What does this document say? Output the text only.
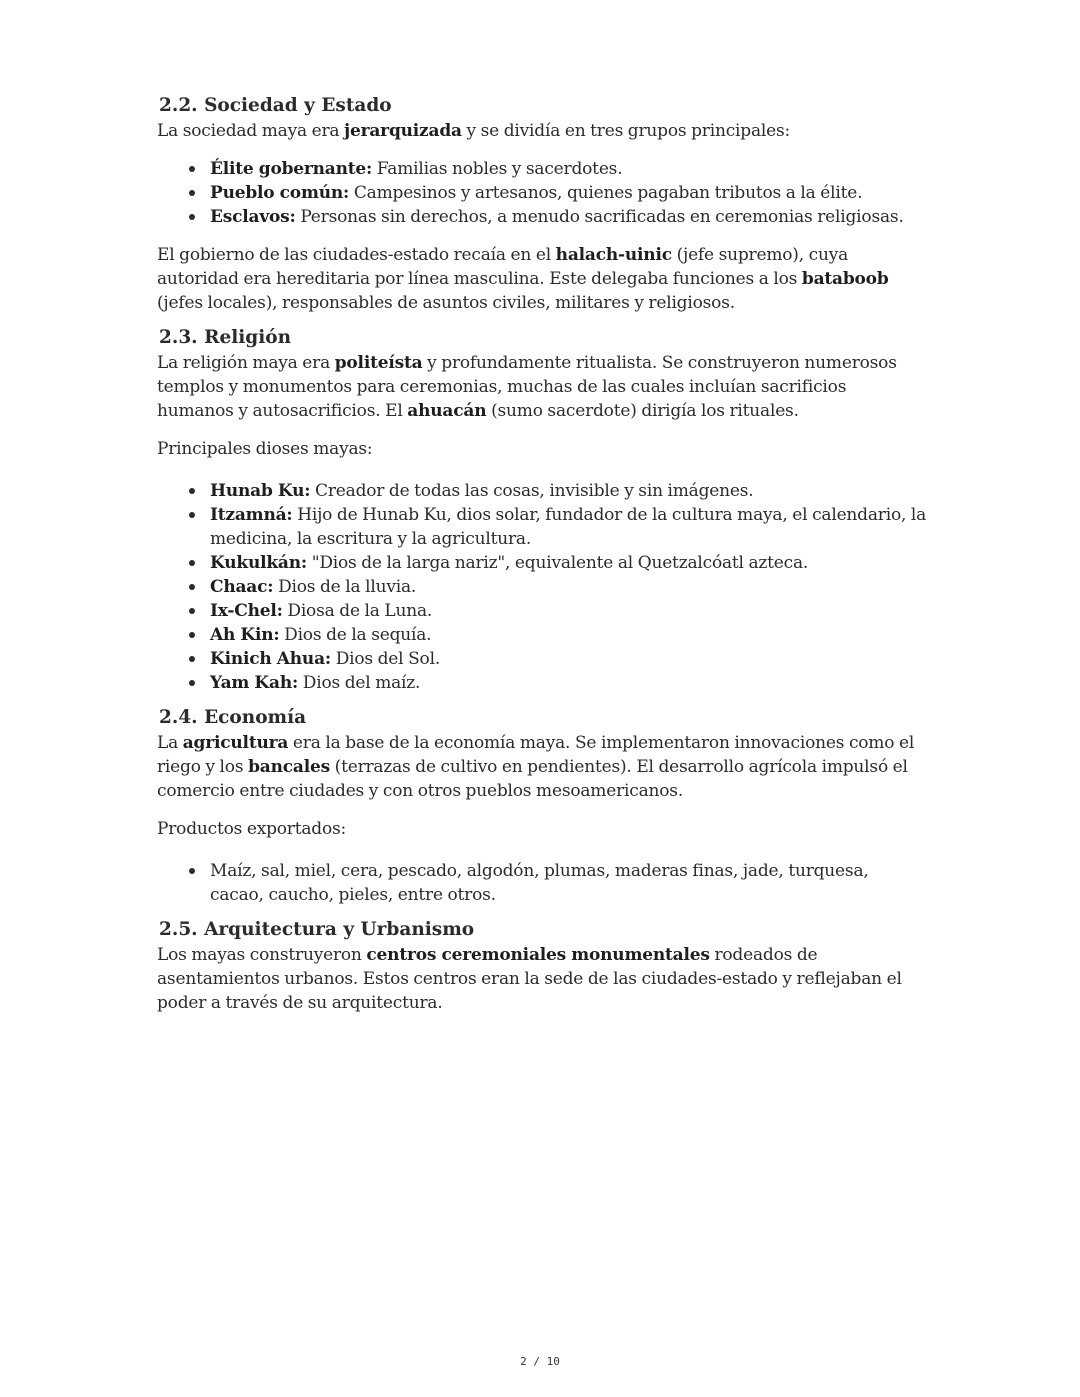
2.2. Sociedad y Estado

La sociedad maya era jerarquizada y se dividía en tres grupos principales:

Élite gobernante: Familias nobles y sacerdotes.
Pueblo común: Campesinos y artesanos, quienes pagaban tributos a la élite.
Esclavos: Personas sin derechos, a menudo sacrificadas en ceremonias religiosas.

El gobierno de las ciudades-estado recaía en el halach-uinic (jefe supremo), cuya autoridad era hereditaria por línea masculina. Este delegaba funciones a los bataboob (jefes locales), responsables de asuntos civiles, militares y religiosos.

2.3. Religión

La religión maya era politeísta y profundamente ritualista. Se construyeron numerosos templos y monumentos para ceremonias, muchas de las cuales incluían sacrificios humanos y autosacrificios. El ahuacán (sumo sacerdote) dirigía los rituales.

Principales dioses mayas:

Hunab Ku: Creador de todas las cosas, invisible y sin imágenes.
Itzamná: Hijo de Hunab Ku, dios solar, fundador de la cultura maya, el calendario, la medicina, la escritura y la agricultura.
Kukulkán: "Dios de la larga nariz", equivalente al Quetzalcóatl azteca.
Chaac: Dios de la lluvia.
Ix-Chel: Diosa de la Luna.
Ah Kin: Dios de la sequía.
Kinich Ahua: Dios del Sol.
Yam Kah: Dios del maíz.
2.4. Economía

La agricultura era la base de la economía maya. Se implementaron innovaciones como el riego y los bancales (terrazas de cultivo en pendientes). El desarrollo agrícola impulsó el comercio entre ciudades y con otros pueblos mesoamericanos.

Productos exportados:

Maíz, sal, miel, cera, pescado, algodón, plumas, maderas finas, jade, turquesa, cacao, caucho, pieles, entre otros.
2.5. Arquitectura y Urbanismo

Los mayas construyeron centros ceremoniales monumentales rodeados de asentamientos urbanos. Estos centros eran la sede de las ciudades-estado y reflejaban el poder a través de su arquitectura.

2 / 10
